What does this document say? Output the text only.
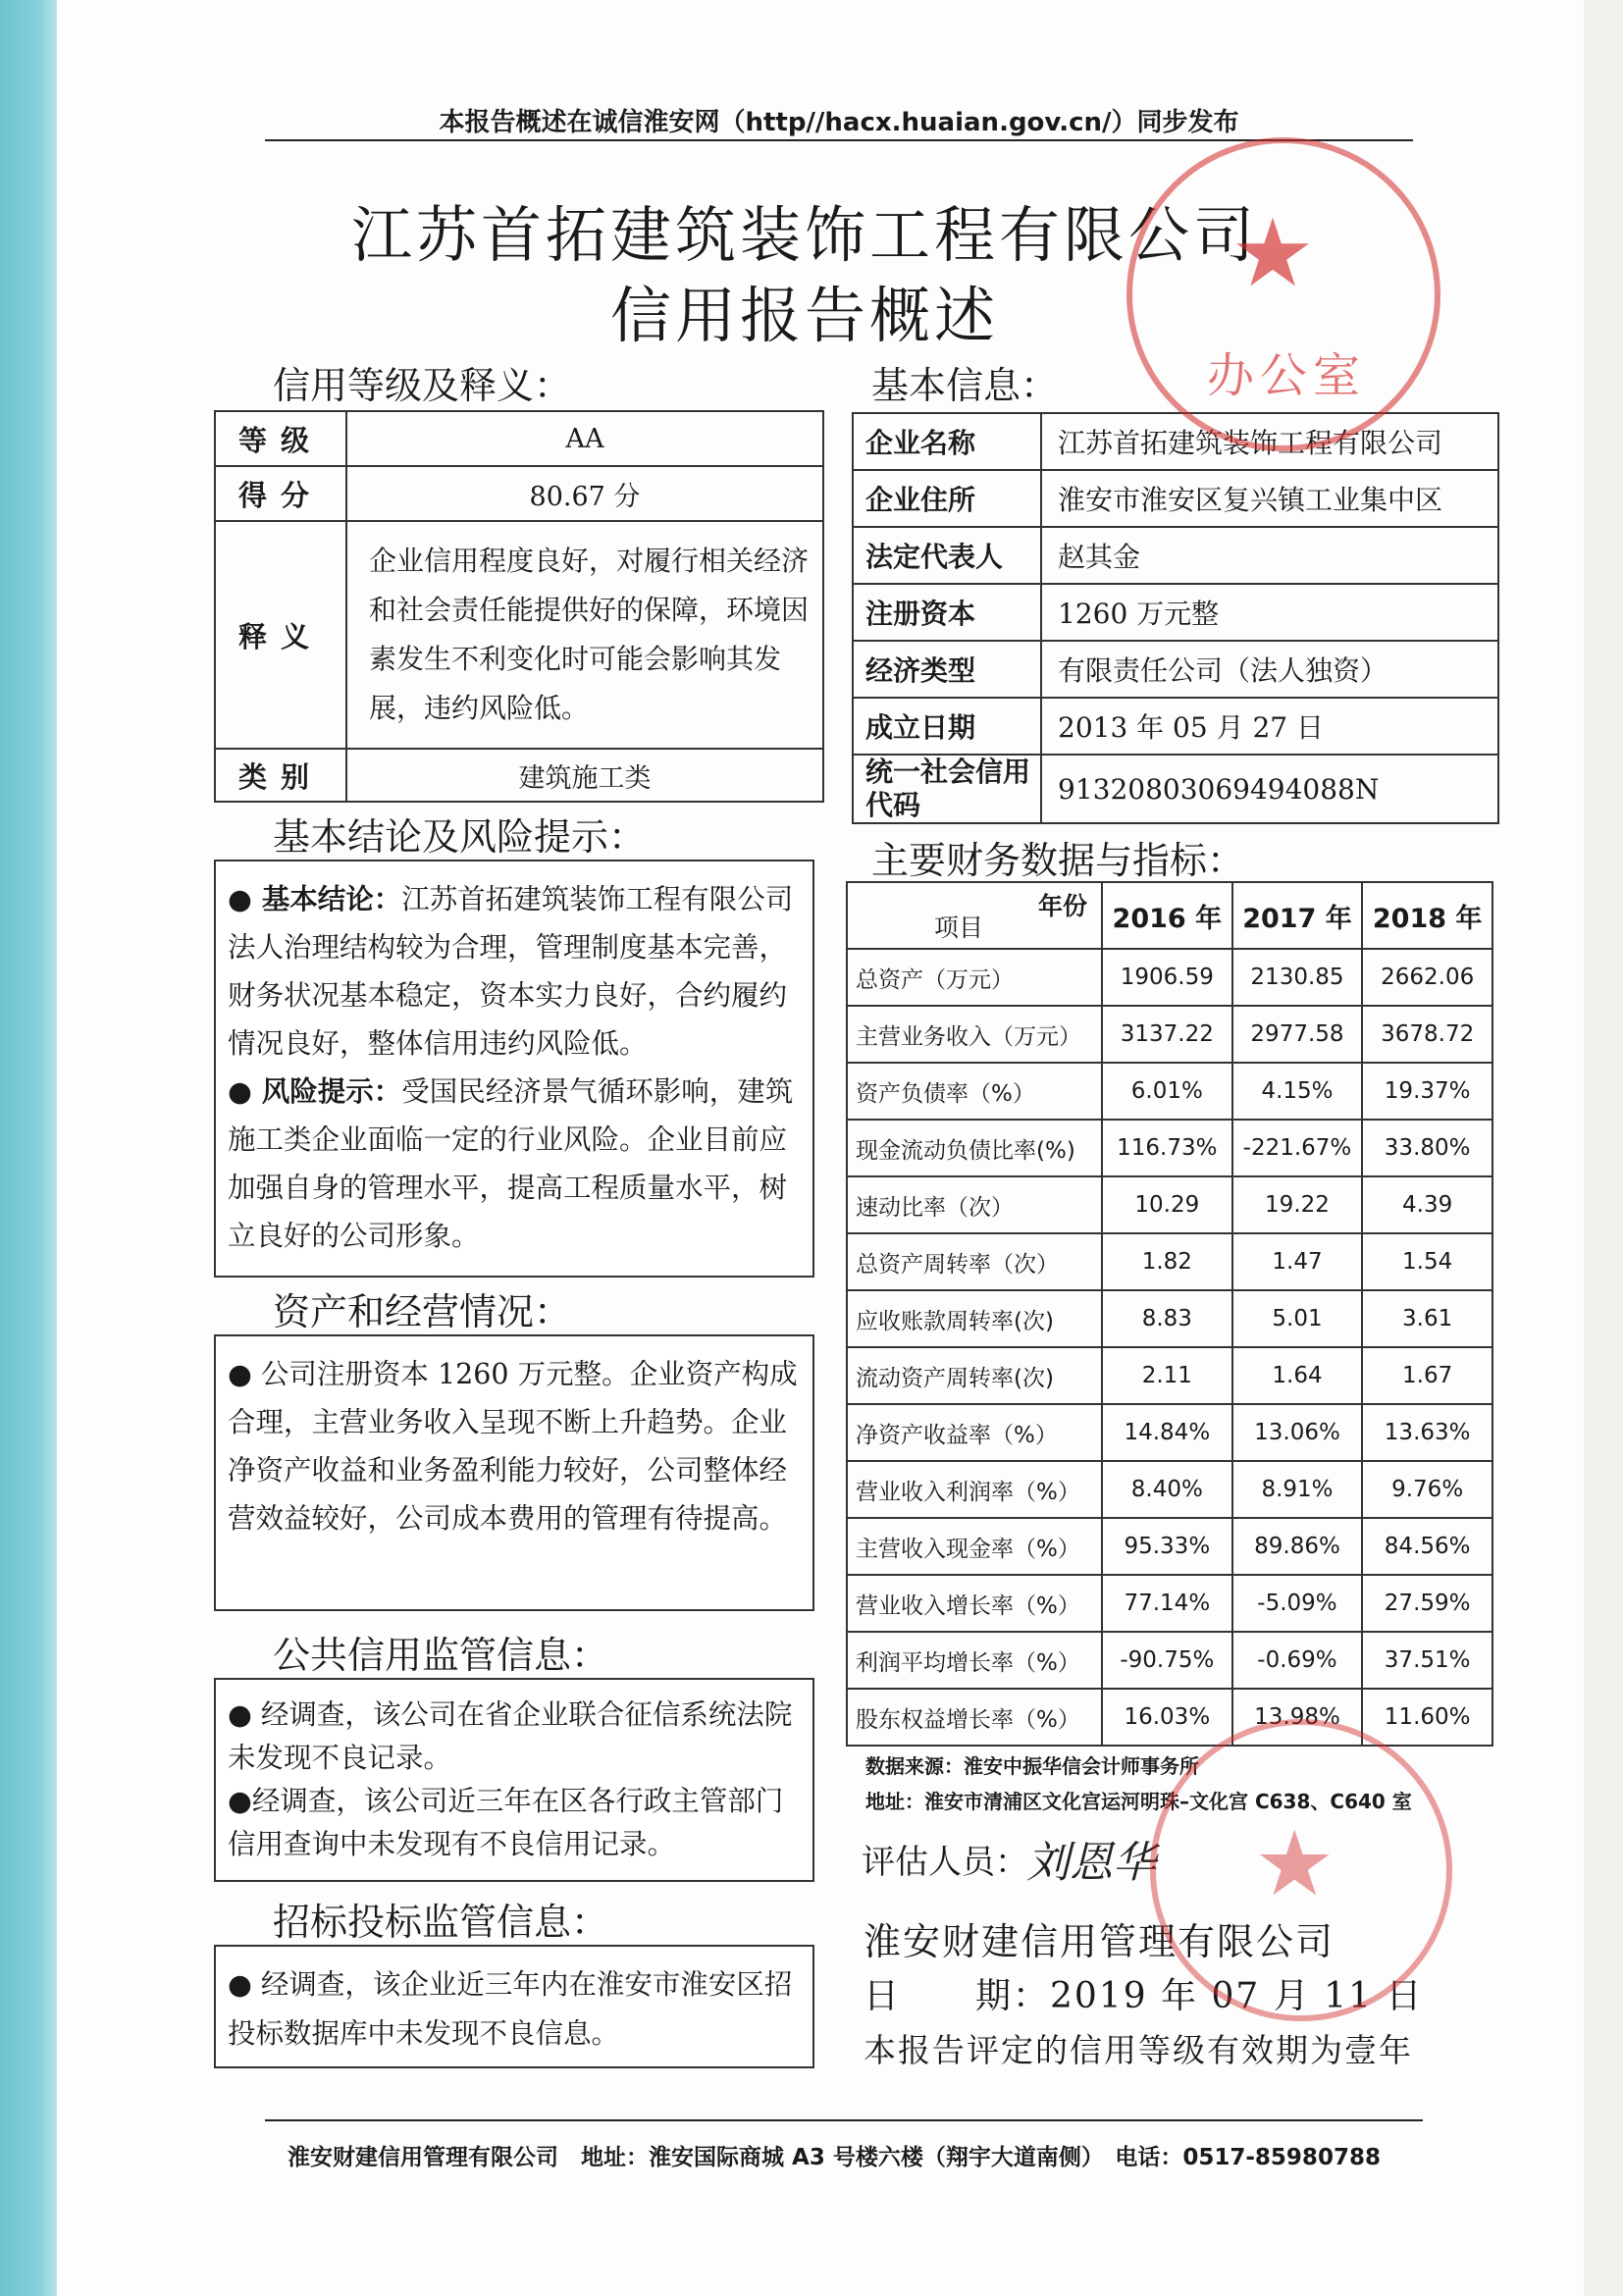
本报告概述在诚信淮安网（http//hacx.huaian.gov.cn/）同步发布
江苏首拓建筑装饰工程有限公司
信用报告概述
信用等级及释义：
等级	AA
得分	80.67 分
释义	企业信用程度良好，对履行相关经济和社会责任能提供好的保障，环境因素发生不利变化时可能会影响其发展，违约风险低。
类别	建筑施工类
基本信息：
企业名称	江苏首拓建筑装饰工程有限公司
企业住所	淮安市淮安区复兴镇工业集中区
法定代表人	赵其金
注册资本	1260 万元整
经济类型	有限责任公司（法人独资）
成立日期	2013 年 05 月 27 日
统一社会信用代码	91320803069494088N
基本结论及风险提示：
● 基本结论：江苏首拓建筑装饰工程有限公司法人治理结构较为合理，管理制度基本完善，财务状况基本稳定，资本实力良好，合约履约情况良好，整体信用违约风险低。
● 风险提示：受国民经济景气循环影响，建筑施工类企业面临一定的行业风险。企业目前应加强自身的管理水平，提高工程质量水平，树立良好的公司形象。
资产和经营情况：
● 公司注册资本 1260 万元整。企业资产构成合理，主营业务收入呈现不断上升趋势。企业净资产收益和业务盈利能力较好，公司整体经营效益较好，公司成本费用的管理有待提高。
公共信用监管信息：
● 经调查，该公司在省企业联合征信系统法院未发现不良记录。
●经调查，该公司近三年在区各行政主管部门信用查询中未发现有不良信用记录。
招标投标监管信息：
● 经调查，该企业近三年内在淮安市淮安区招投标数据库中未发现不良信息。
主要财务数据与指标：
年份
项目	2016 年	2017 年	2018 年
总资产（万元）	1906.59	2130.85	2662.06
主营业务收入（万元）	3137.22	2977.58	3678.72
资产负债率（%）	6.01%	4.15%	19.37%
现金流动负债比率(%)	116.73%	-221.67%	33.80%
速动比率（次）	10.29	19.22	4.39
总资产周转率（次）	1.82	1.47	1.54
应收账款周转率(次)	8.83	5.01	3.61
流动资产周转率(次)	2.11	1.64	1.67
净资产收益率（%）	14.84%	13.06%	13.63%
营业收入利润率（%）	8.40%	8.91%	9.76%
主营收入现金率（%）	95.33%	89.86%	84.56%
营业收入增长率（%）	77.14%	-5.09%	27.59%
利润平均增长率（%）	-90.75%	-0.69%	37.51%
股东权益增长率（%）	16.03%	13.98%	11.60%
数据来源：淮安中振华信会计师事务所
地址：淮安市清浦区文化宫运河明珠–文化宫 C638、C640 室
评估人员：
刘恩华
淮安财建信用管理有限公司
日　　期：2019 年 07 月 11 日
本报告评定的信用等级有效期为壹年
淮安财建信用管理有限公司　地址：淮安国际商城 A3 号楼六楼（翔宇大道南侧）　电话：0517-85980788
★
办公室
★
